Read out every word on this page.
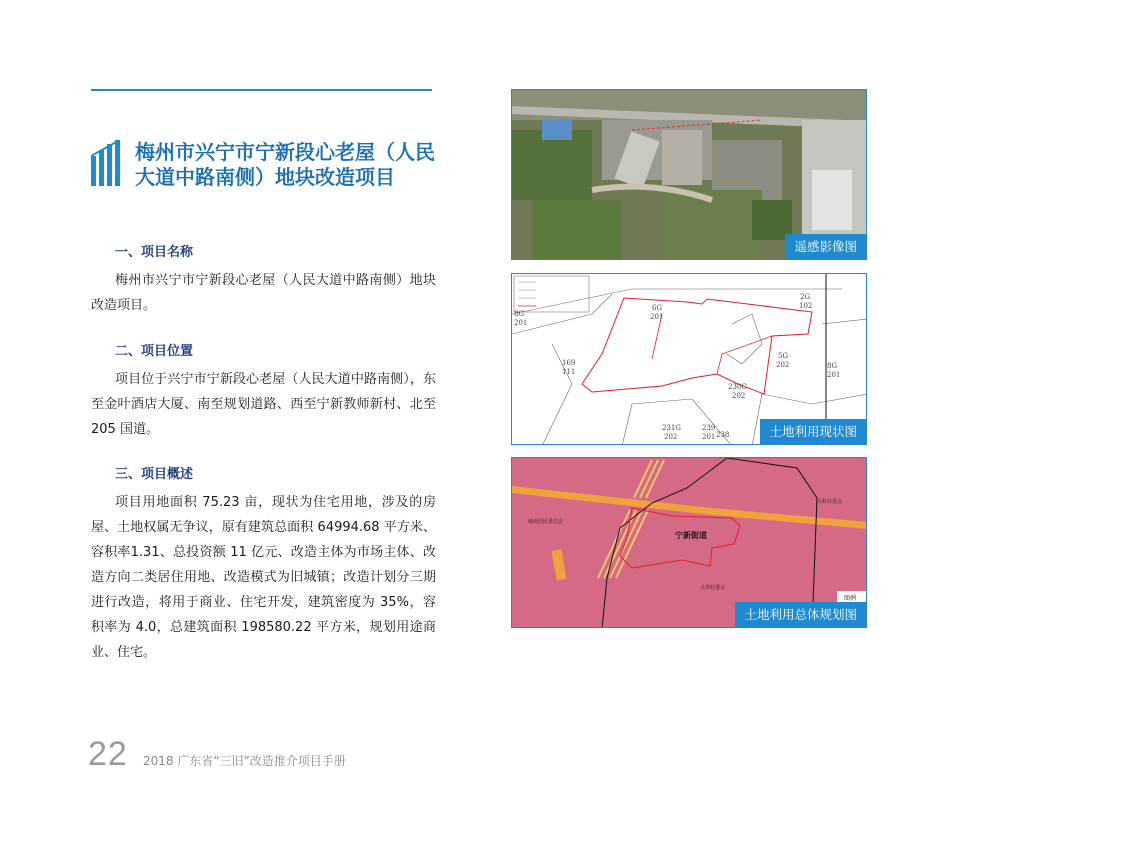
梅州市兴宁市宁新段心老屋（人民大道中路南侧）地块改造项目
一、项目名称
梅州市兴宁市宁新段心老屋（人民大道中路南侧）地块改造项目。
二、项目位置
项目位于兴宁市宁新段心老屋（人民大道中路南侧），东至金叶酒店大厦、南至规划道路、西至宁新教师新村、北至205 国道。
三、项目概述
项目用地面积 75.23 亩，现状为住宅用地，涉及的房屋、土地权属无争议，原有建筑总面积 64994.68 平方米、容积率1.31、总投资额 11 亿元、改造主体为市场主体、改造方向二类居住用地、改造模式为旧城镇；改造计划分三期进行改造，将用于商业、住宅开发，建筑密度为 35%，容积率为 4.0，总建筑面积 198580.22 平方米，规划用途商业、住宅。
遥感影像图
6G
201
2G
102
8G
201
169
111
5G
202	8G
201
230G
202
231G
202
239
201 238	土地利用现状图
宁新街道
大岭村委会
城南居民委员会
义坝村委会
图例
土地利用总体规划图
22 2018 广东省“三旧”改造推介项目手册
